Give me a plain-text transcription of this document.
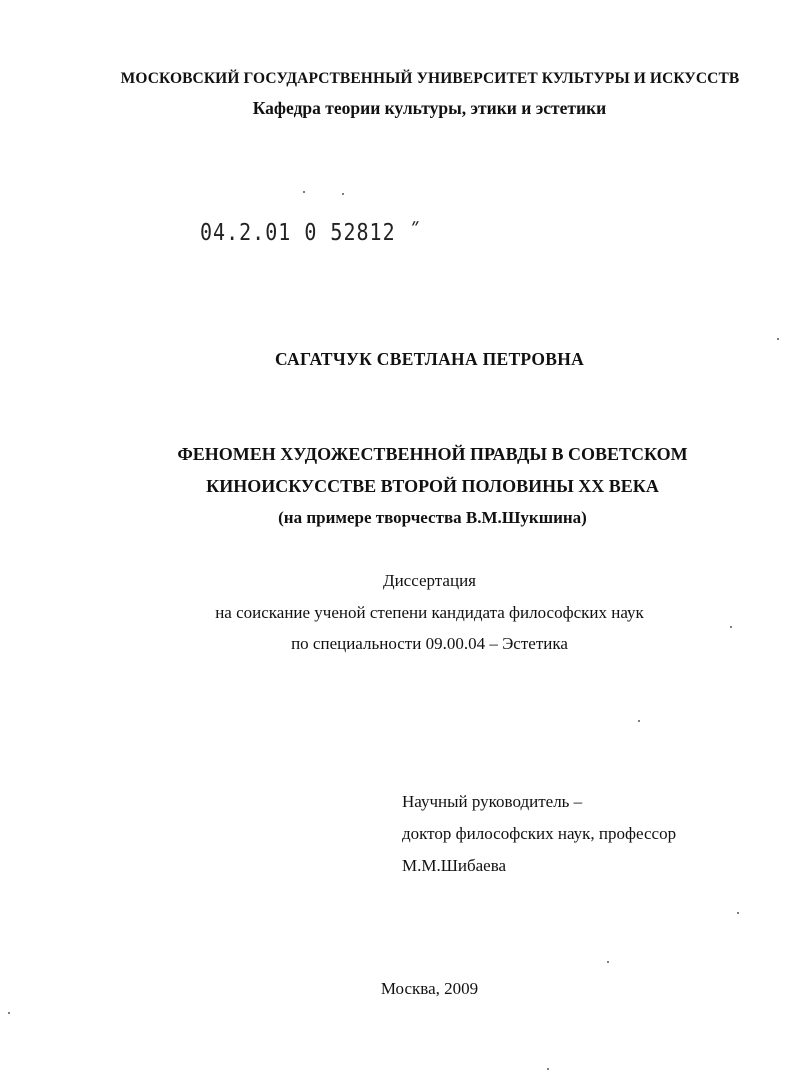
МОСКОВСКИЙ ГОСУДАРСТВЕННЫЙ УНИВЕРСИТЕТ КУЛЬТУРЫ И ИСКУССТВ
Кафедра теории культуры, этики и эстетики
04.2.01 0 52812 ˝
САГАТЧУК СВЕТЛАНА ПЕТРОВНА
ФЕНОМЕН ХУДОЖЕСТВЕННОЙ ПРАВДЫ В СОВЕТСКОМ
КИНОИСКУССТВЕ ВТОРОЙ ПОЛОВИНЫ XX ВЕКА
(на примере творчества В.М.Шукшина)
Диссертация
на соискание ученой степени кандидата философских наук
по специальности 09.00.04 – Эстетика
Научный руководитель –
доктор философских наук, профессор
М.М.Шибаева
Москва, 2009
